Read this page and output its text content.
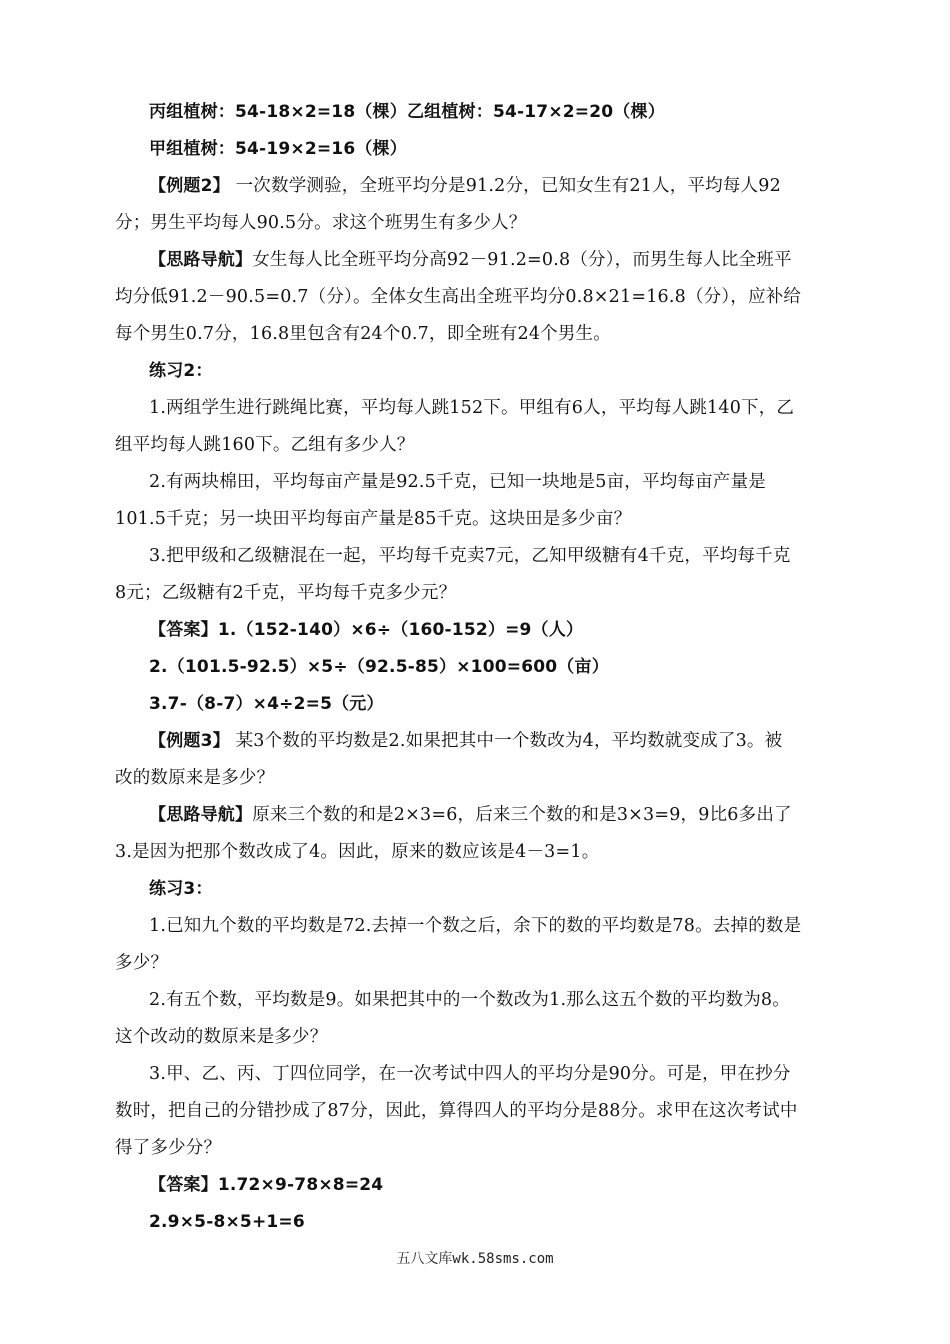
丙组植树：54-18×2=18（棵）乙组植树：54-17×2=20（棵）

甲组植树：54-19×2=16（棵）

【例题2】 一次数学测验，全班平均分是91.2分，已知女生有21人，平均每人92

分；男生平均每人90.5分。求这个班男生有多少人？

【思路导航】女生每人比全班平均分高92－91.2=0.8（分），而男生每人比全班平

均分低91.2－90.5=0.7（分）。全体女生高出全班平均分0.8×21=16.8（分），应补给

每个男生0.7分，16.8里包含有24个0.7，即全班有24个男生。

练习2：

1.两组学生进行跳绳比赛，平均每人跳152下。甲组有6人，平均每人跳140下，乙

组平均每人跳160下。乙组有多少人？

2.有两块棉田，平均每亩产量是92.5千克，已知一块地是5亩，平均每亩产量是

101.5千克；另一块田平均每亩产量是85千克。这块田是多少亩？

3.把甲级和乙级糖混在一起，平均每千克卖7元，乙知甲级糖有4千克，平均每千克

8元；乙级糖有2千克，平均每千克多少元？

【答案】1.（152-140）×6÷（160-152）=9（人）

2.（101.5-92.5）×5÷（92.5-85）×100=600（亩）

3.7-（8-7）×4÷2=5（元）

【例题3】 某3个数的平均数是2.如果把其中一个数改为4，平均数就变成了3。被

改的数原来是多少？

【思路导航】原来三个数的和是2×3=6，后来三个数的和是3×3=9，9比6多出了

3.是因为把那个数改成了4。因此，原来的数应该是4－3=1。

练习3：

1.已知九个数的平均数是72.去掉一个数之后，余下的数的平均数是78。去掉的数是

多少？

2.有五个数，平均数是9。如果把其中的一个数改为1.那么这五个数的平均数为8。

这个改动的数原来是多少？

3.甲、乙、丙、丁四位同学，在一次考试中四人的平均分是90分。可是，甲在抄分

数时，把自己的分错抄成了87分，因此，算得四人的平均分是88分。求甲在这次考试中

得了多少分？

【答案】1.72×9-78×8=24

2.9×5-8×5+1=6

五八文库wk.58sms.com
